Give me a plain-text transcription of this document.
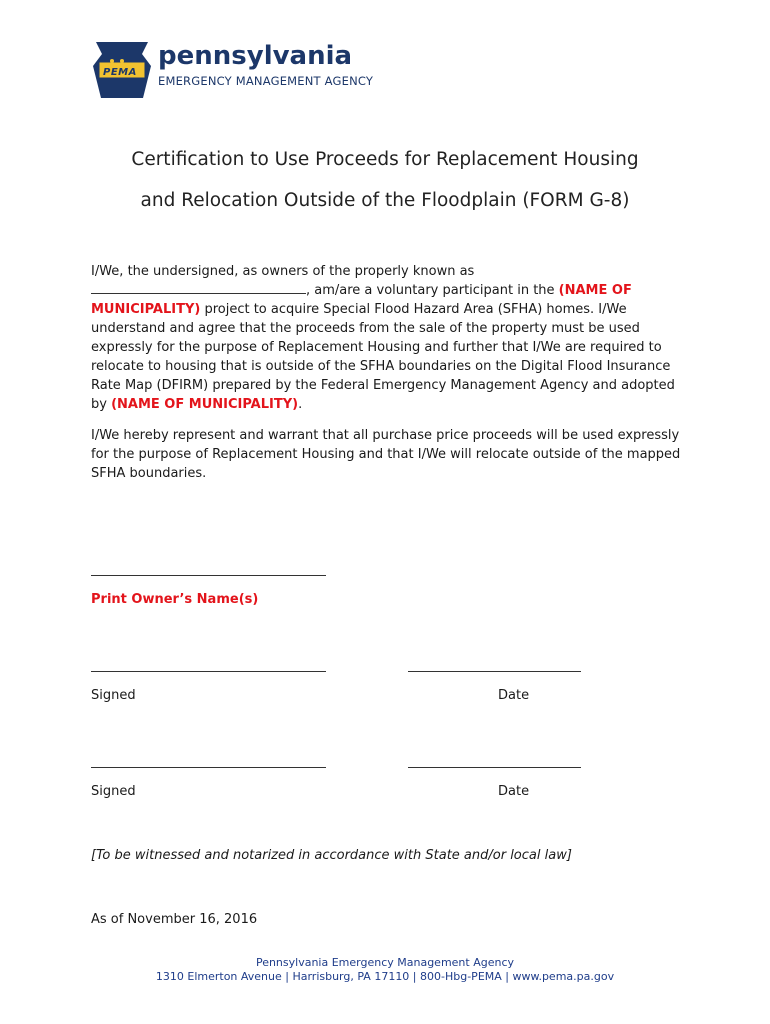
PEMA
pennsylvania
EMERGENCY MANAGEMENT AGENCY
Certification to Use Proceeds for Replacement Housing
and Relocation Outside of the Floodplain (FORM G-8)
I/We, the undersigned, as owners of the properly known as
, am/are a voluntary participant in the (NAME OF
MUNICIPALITY) project to acquire Special Flood Hazard Area (SFHA) homes. I/We understand and agree that the proceeds from the sale of the property must be used expressly for the purpose of Replacement Housing and further that I/We are required to relocate to housing that is outside of the SFHA boundaries on the Digital Flood Insurance Rate Map (DFIRM) prepared by the Federal Emergency Management Agency and adopted by (NAME OF MUNICIPALITY).
I/We hereby represent and warrant that all purchase price proceeds will be used expressly for the purpose of Replacement Housing and that I/We will relocate outside of the mapped SFHA boundaries.
Print Owner’s Name(s)
Signed	Date
Signed	Date
[To be witnessed and notarized in accordance with State and/or local law]
As of November 16, 2016
Pennsylvania Emergency Management Agency
1310 Elmerton Avenue | Harrisburg, PA 17110 | 800-Hbg-PEMA | www.pema.pa.gov
